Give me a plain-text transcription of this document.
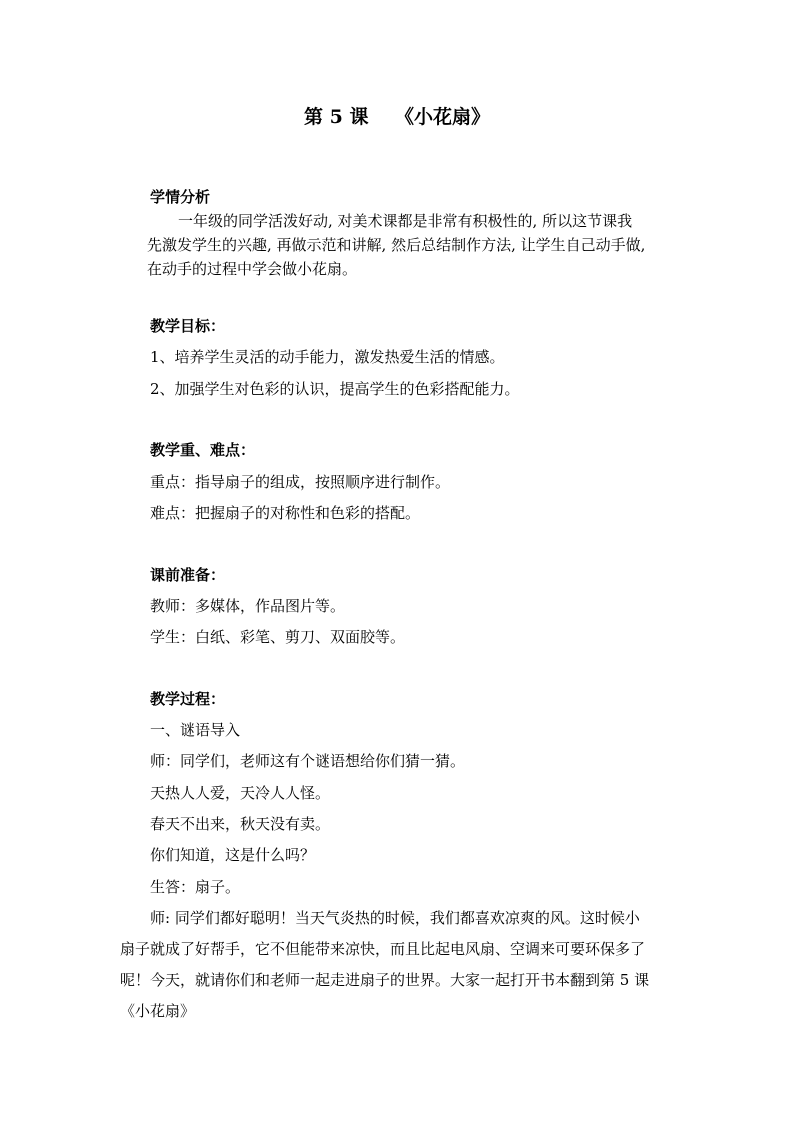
第 5 课    《小花扇》
学情分析
一年级的同学活泼好动, 对美术课都是非常有积极性的, 所以这节课我
先激发学生的兴趣, 再做示范和讲解, 然后总结制作方法, 让学生自己动手做,
在动手的过程中学会做小花扇。
教学目标：
1、培养学生灵活的动手能力，激发热爱生活的情感。
2、加强学生对色彩的认识，提高学生的色彩搭配能力。
教学重、难点：
重点：指导扇子的组成，按照顺序进行制作。
难点：把握扇子的对称性和色彩的搭配。
课前准备：
教师：多媒体，作品图片等。
学生：白纸、彩笔、剪刀、双面胶等。
教学过程：
一、谜语导入
师：同学们，老师这有个谜语想给你们猜一猜。
天热人人爱，天冷人人怪。
春天不出来，秋天没有卖。
你们知道，这是什么吗？
生答：扇子。
师: 同学们都好聪明！当天气炎热的时候，我们都喜欢凉爽的风。这时候小
扇子就成了好帮手，它不但能带来凉快，而且比起电风扇、空调来可要环保多了
呢！今天，就请你们和老师一起走进扇子的世界。大家一起打开书本翻到第 5 课
《小花扇》
